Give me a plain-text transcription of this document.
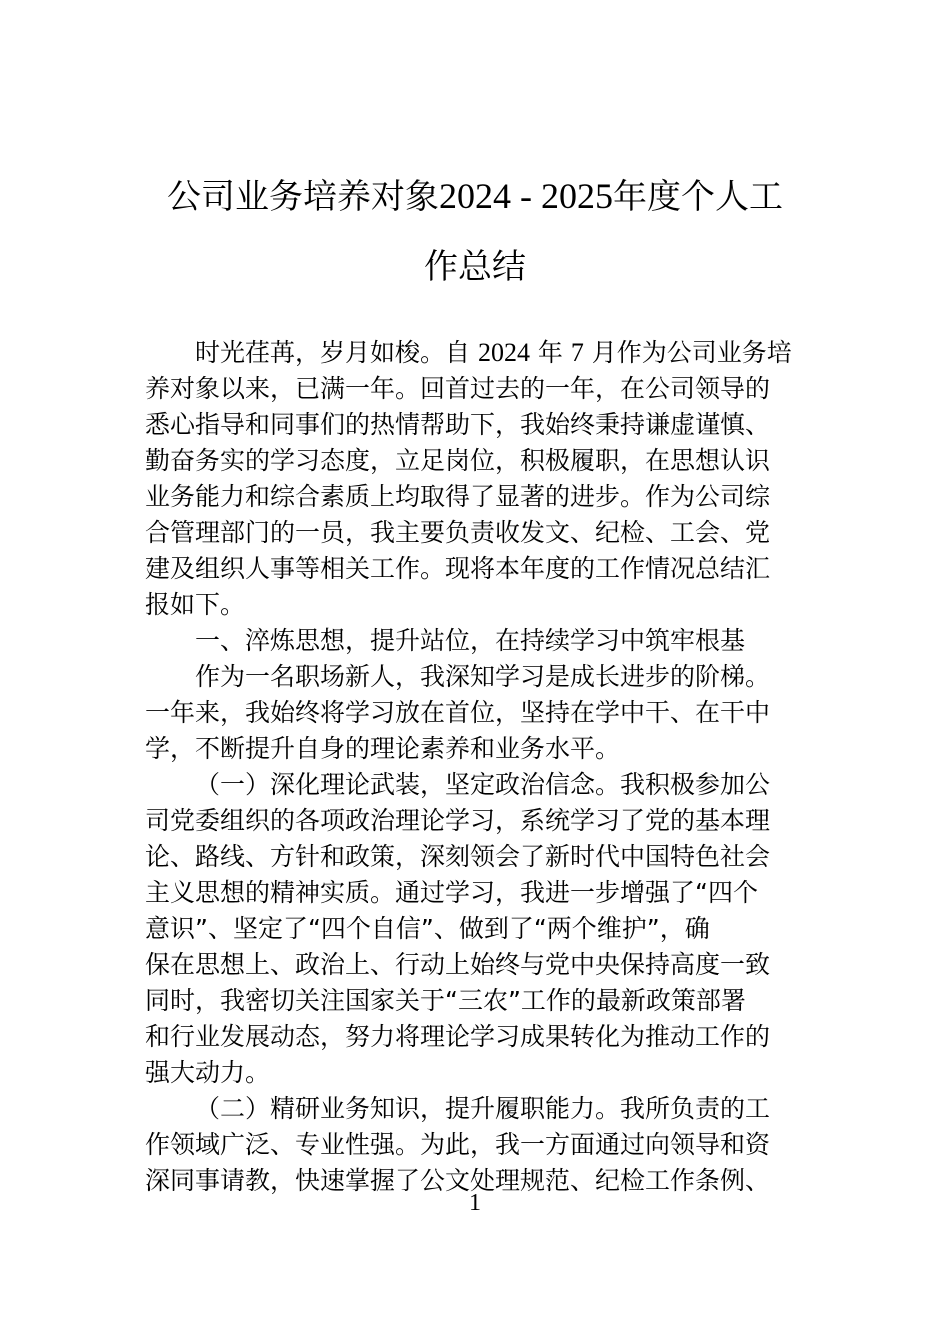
公司业务培养对象2024 - 2025年度个人工
作总结
时光荏苒，岁月如梭。自 2024 年 7 月作为公司业务培
养对象以来，已满一年。回首过去的一年，在公司领导的
悉心指导和同事们的热情帮助下，我始终秉持谦虚谨慎、
勤奋务实的学习态度，立足岗位，积极履职，在思想认识
业务能力和综合素质上均取得了显著的进步。作为公司综
合管理部门的一员，我主要负责收发文、纪检、工会、党
建及组织人事等相关工作。现将本年度的工作情况总结汇
报如下。
一、淬炼思想，提升站位，在持续学习中筑牢根基
作为一名职场新人，我深知学习是成长进步的阶梯。
一年来，我始终将学习放在首位，坚持在学中干、在干中
学，不断提升自身的理论素养和业务水平。
（一）深化理论武装，坚定政治信念。我积极参加公
司党委组织的各项政治理论学习，系统学习了党的基本理
论、路线、方针和政策，深刻领会了新时代中国特色社会
主义思想的精神实质。通过学习，我进一步增强了“四个
意识”、坚定了“四个自信”、做到了“两个维护”，确
保在思想上、政治上、行动上始终与党中央保持高度一致
同时，我密切关注国家关于“三农”工作的最新政策部署
和行业发展动态，努力将理论学习成果转化为推动工作的
强大动力。
（二）精研业务知识，提升履职能力。我所负责的工
作领域广泛、专业性强。为此，我一方面通过向领导和资
深同事请教，快速掌握了公文处理规范、纪检工作条例、
1
